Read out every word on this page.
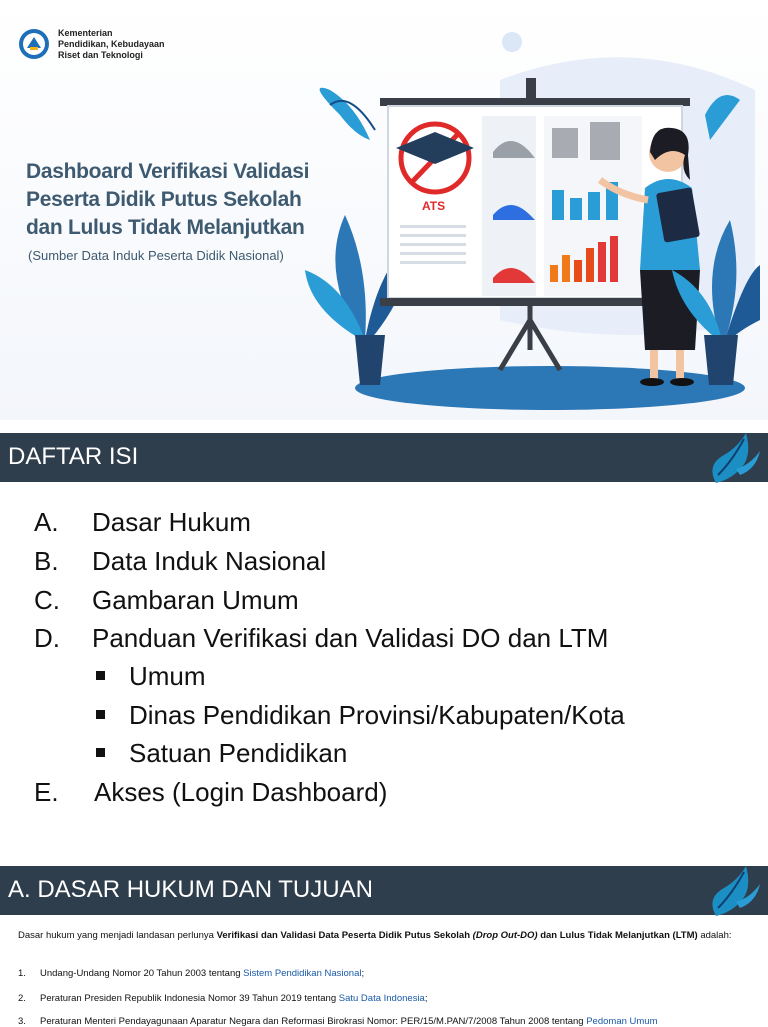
Kementerian
Pendidikan, Kebudayaan
Riset dan Teknologi
Dashboard Verifikasi Validasi
Peserta Didik Putus Sekolah
dan Lulus Tidak Melanjutkan
(Sumber Data Induk Peserta Didik Nasional)
ATS
DAFTAR ISI
A. Dasar Hukum
B. Data Induk Nasional
C. Gambaran Umum
D. Panduan Verifikasi dan Validasi DO dan LTM
Umum
Dinas Pendidikan Provinsi/Kabupaten/Kota
Satuan Pendidikan
E. Akses (Login Dashboard)
A. DASAR HUKUM DAN TUJUAN
Dasar hukum yang menjadi landasan perlunya Verifikasi dan Validasi Data Peserta Didik Putus Sekolah (Drop Out-DO) dan Lulus Tidak Melanjutkan (LTM) adalah:
1. Undang-Undang Nomor 20 Tahun 2003 tentang Sistem Pendidikan Nasional;
2. Peraturan Presiden Republik Indonesia Nomor 39 Tahun 2019 tentang Satu Data Indonesia;
3. Peraturan Menteri Pendayagunaan Aparatur Negara dan Reformasi Birokrasi Nomor: PER/15/M.PAN/7/2008 Tahun 2008 tentang Pedoman Umum
